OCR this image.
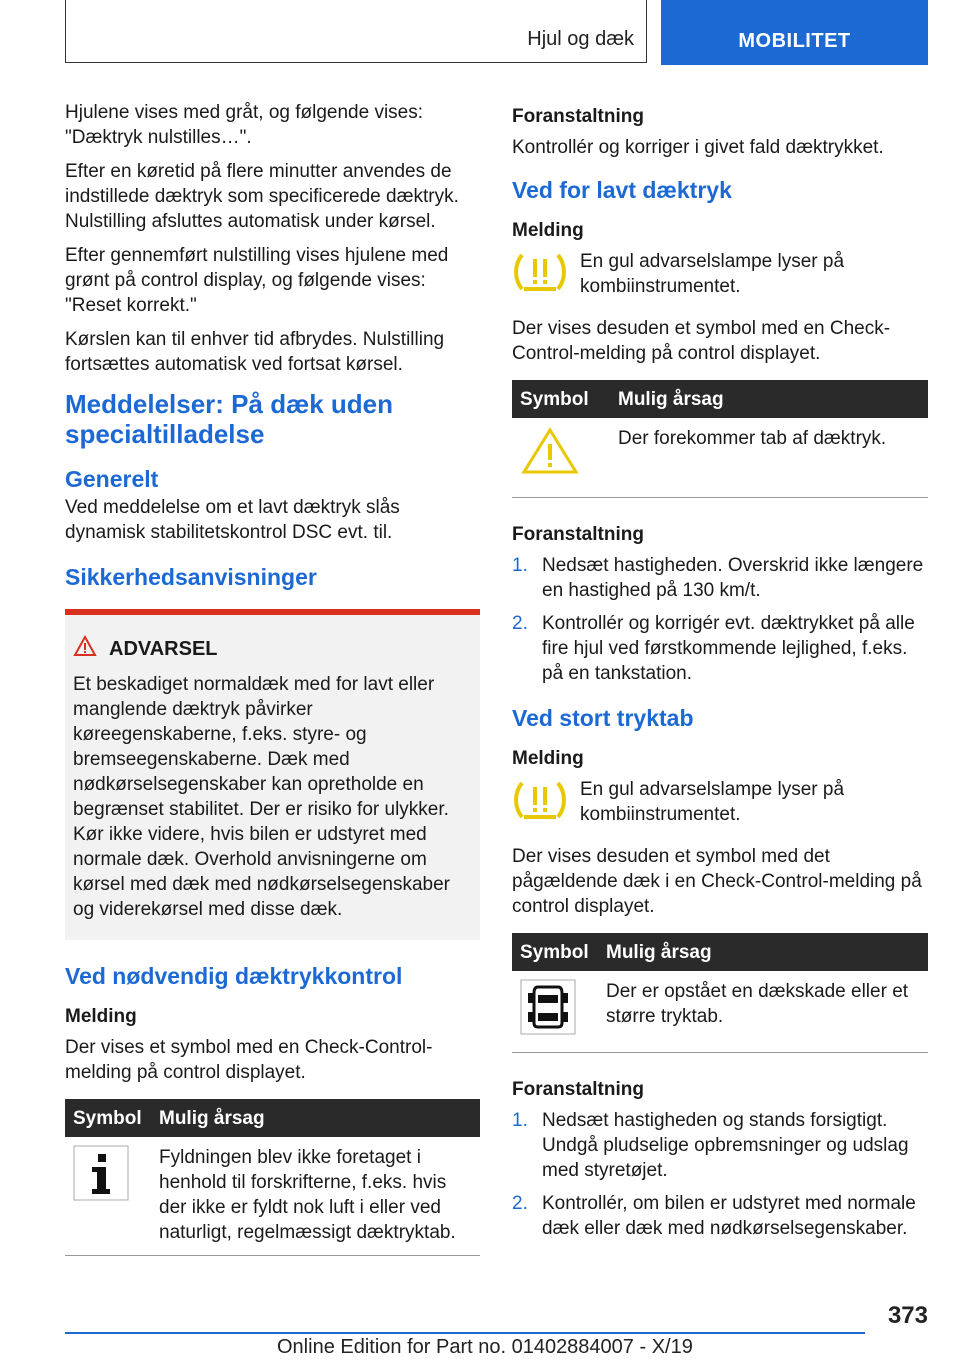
Hjul og dæk	MOBILITET

Hjulene vises med gråt, og følgende vises: "Dæktryk nulstilles…".

Efter en køretid på flere minutter anvendes de indstillede dæktryk som specificerede dæktryk. Nulstilling afsluttes automatisk under kørsel.

Efter gennemført nulstilling vises hjulene med grønt på control display, og følgende vises: "Reset korrekt."

Kørslen kan til enhver tid afbrydes. Nulstilling fortsættes automatisk ved fortsat kørsel.

Meddelelser: På dæk uden specialtilladelse
Generelt

Ved meddelelse om et lavt dæktryk slås dynamisk stabilitetskontrol DSC evt. til.

Sikkerhedsanvisninger
ADVARSEL
Et beskadiget normaldæk med for lavt eller manglende dæktryk påvirker køreegenskaberne, f.eks. styre- og bremseegenskaberne. Dæk med nødkørselsegenskaber kan opretholde en begrænset stabilitet. Der er risiko for ulykker. Kør ikke videre, hvis bilen er udstyret med normale dæk. Overhold anvisningerne om kørsel med dæk med nødkørselsegenskaber og viderekørsel med disse dæk.
Ved nødvendig dæktrykkontrol
Melding

Der vises et symbol med en Check-Control-melding på control displayet.

Symbol	Mulig årsag
	Fyldningen blev ikke foretaget i henhold til forskrifterne, f.eks. hvis der ikke er fyldt nok luft i eller ved naturligt, regelmæssigt dæktryktab.
Foranstaltning

Kontrollér og korriger i givet fald dæktrykket.

Ved for lavt dæktryk
Melding
En gul advarselslampe lyser på kombiinstrumentet.

Der vises desuden et symbol med en Check-Control-melding på control displayet.

Symbol	Mulig årsag
	Der forekommer tab af dæktryk.
Foranstaltning
1. Nedsæt hastigheden. Overskrid ikke længere en hastighed på 130 km/t.
2. Kontrollér og korrigér evt. dæktrykket på alle fire hjul ved førstkommende lejlighed, f.eks. på en tankstation.
Ved stort tryktab
Melding
En gul advarselslampe lyser på kombiinstrumentet.

Der vises desuden et symbol med det pågældende dæk i en Check-Control-melding på control displayet.

Symbol	Mulig årsag
	Der er opstået en dækskade eller et større tryktab.
Foranstaltning
1. Nedsæt hastigheden og stands forsigtigt. Undgå pludselige opbremsninger og udslag med styretøjet.
2. Kontrollér, om bilen er udstyret med normale dæk eller dæk med nødkørselsegenskaber.
373
Online Edition for Part no. 01402884007 - X/19
